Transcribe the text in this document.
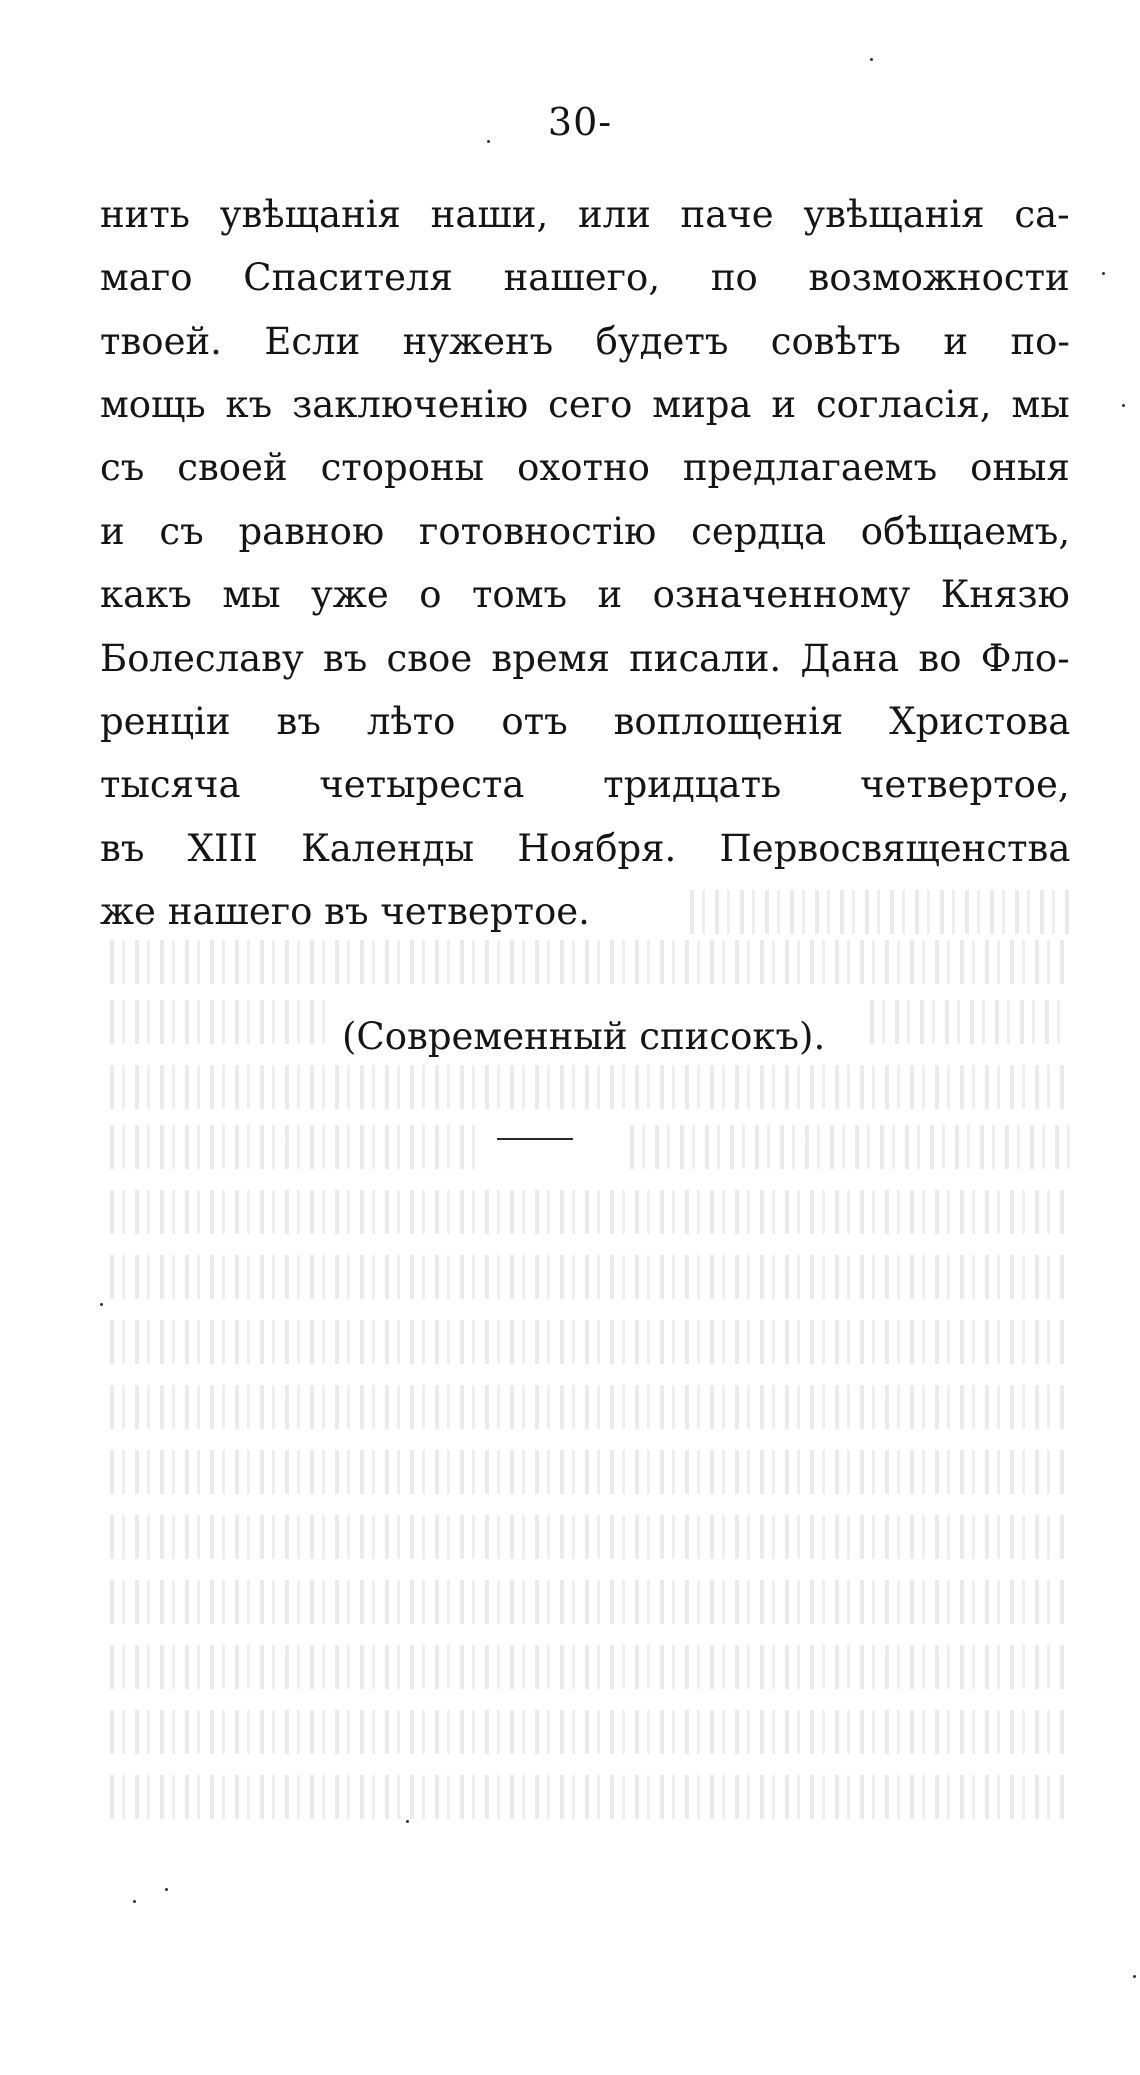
30-
нить увѣщанія наши, или паче увѣщанія са-
маго Спасителя нашего, по возможности
твоей. Если нуженъ будетъ совѣтъ и по-
мощь къ заключенію сего мира и согласія, мы
съ своей стороны охотно предлагаемъ оныя
и съ равною готовностію сердца обѣщаемъ,
какъ мы уже о томъ и означенному Князю
Болеславу въ свое время писали. Дана во Фло-
ренціи въ лѣто отъ воплощенія Христова
тысяча четыреста тридцать четвертое,
въ XIII Календы Ноября. Первосвященства
же нашего въ четвертое.
(Современный списокъ).
